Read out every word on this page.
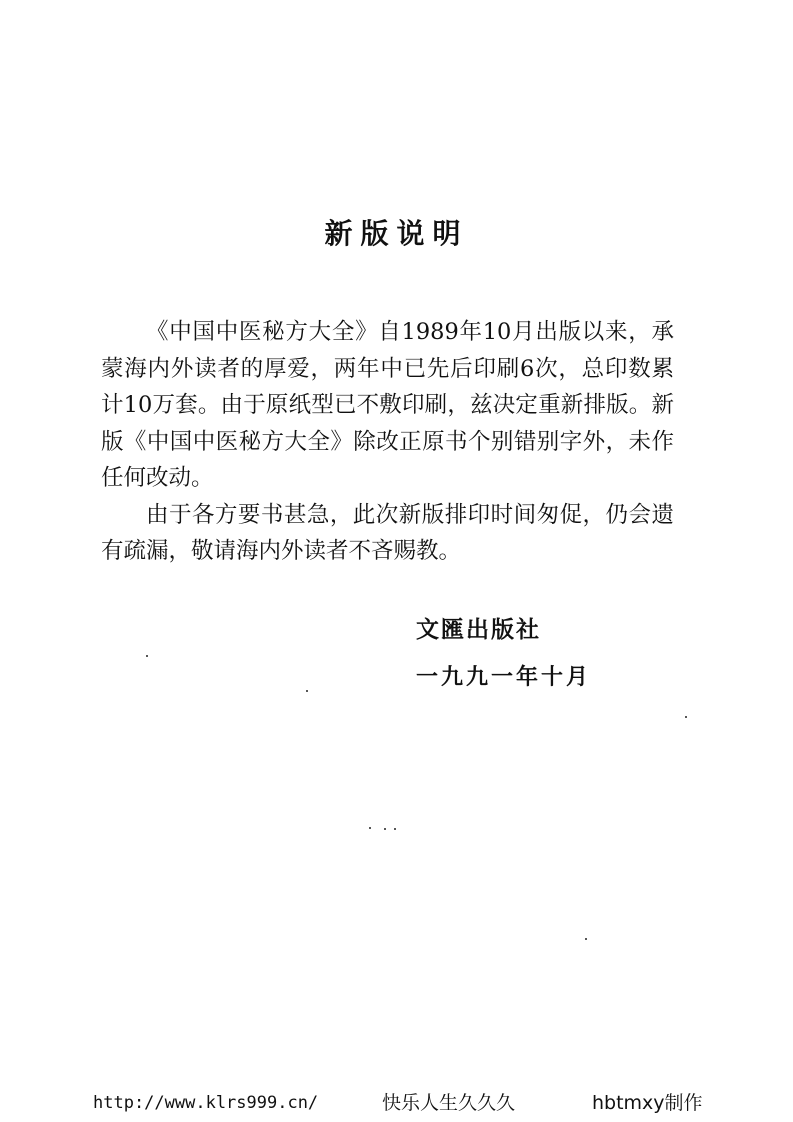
新版说明

《中国中医秘方大全》自1989年10月出版以来，承蒙海内外读者的厚爱，两年中已先后印刷6次，总印数累计10万套。由于原纸型已不敷印刷，兹决定重新排版。新版《中国中医秘方大全》除改正原书个别错别字外，未作任何改动。

由于各方要书甚急，此次新版排印时间匆促，仍会遗有疏漏，敬请海内外读者不吝赐教。

文匯出版社
一九九一年十月
http://www.klrs999.cn/	快乐人生久久久	hbtmxy制作
